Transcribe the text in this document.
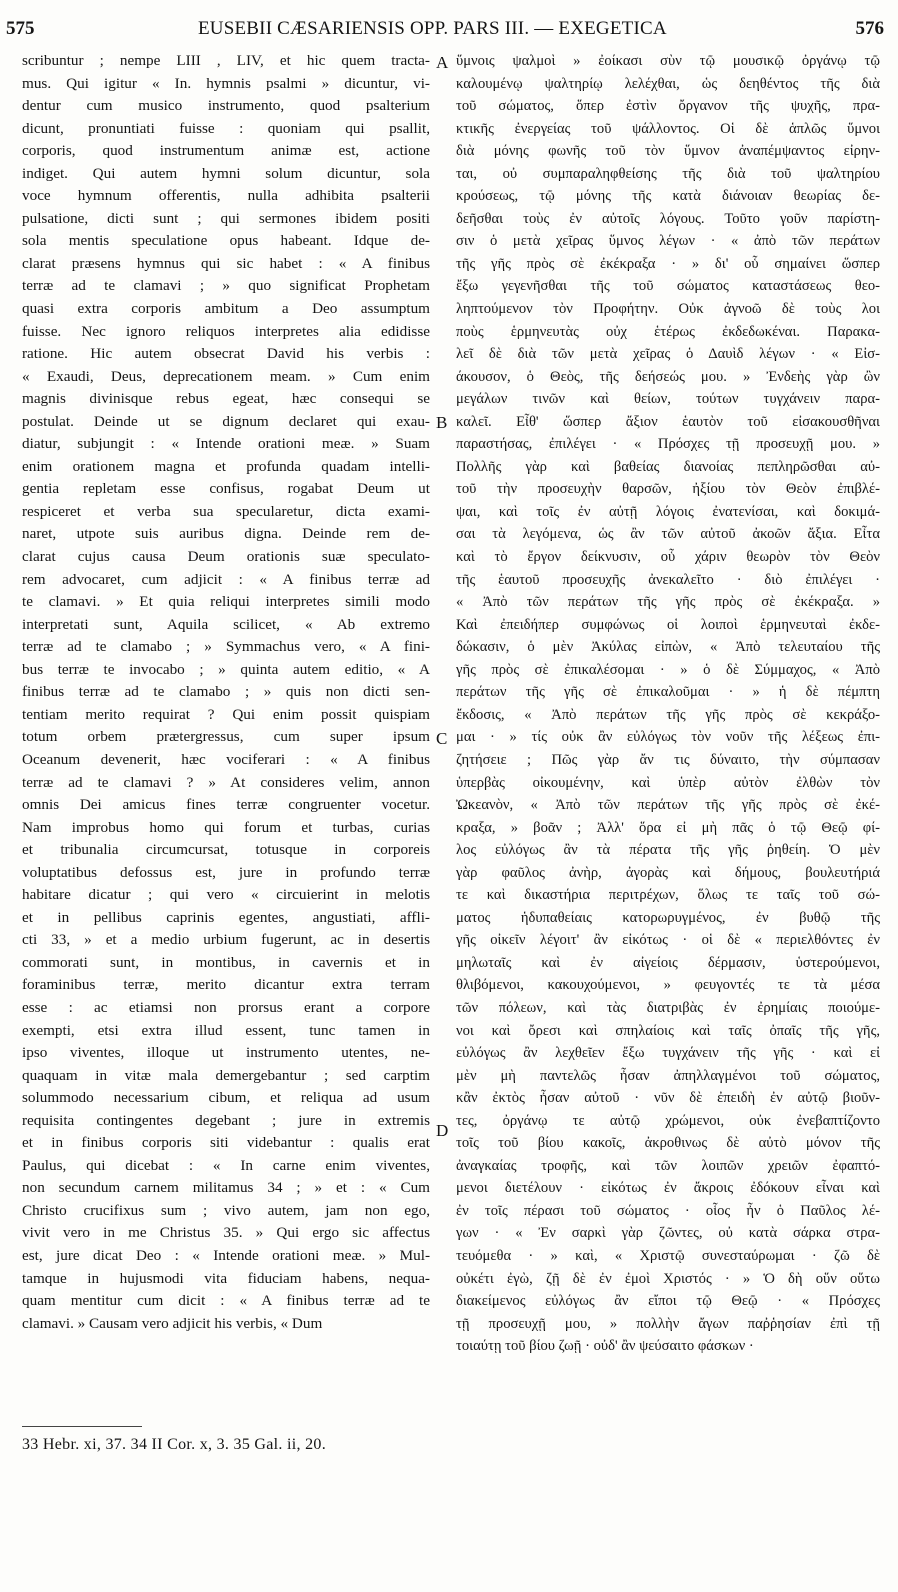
575	EUSEBII CÆSARIENSIS OPP. PARS III. — EXEGETICA	576
scribuntur ; nempe LIII , LIV, et hic quem tracta-
mus. Qui igitur « In. hymnis psalmi » dicuntur, vi-
dentur cum musico instrumento, quod psalterium
dicunt, pronuntiati fuisse : quoniam qui psallit,
corporis, quod instrumentum animæ est, actione
indiget. Qui autem hymni solum dicuntur, sola
voce hymnum offerentis, nulla adhibita psalterii
pulsatione, dicti sunt ; qui sermones ibidem positi
sola mentis speculatione opus habeant. Idque de-
clarat præsens hymnus qui sic habet : « A finibus
terræ ad te clamavi ; » quo significat Prophetam
quasi extra corporis ambitum a Deo assumptum
fuisse. Nec ignoro reliquos interpretes alia edidisse
ratione. Hic autem obsecrat David his verbis :
« Exaudi, Deus, deprecationem meam. » Cum enim
magnis divinisque rebus egeat, hæc consequi se
postulat. Deinde ut se dignum declaret qui exau-
diatur, subjungit : « Intende orationi meæ. » Suam
enim orationem magna et profunda quadam intelli-
gentia repletam esse confisus, rogabat Deum ut
respiceret et verba sua specularetur, dicta exami-
naret, utpote suis auribus digna. Deinde rem de-
clarat cujus causa Deum orationis suæ speculato-
rem advocaret, cum adjicit : « A finibus terræ ad
te clamavi. » Et quia reliqui interpretes simili modo
interpretati sunt, Aquila scilicet, « Ab extremo
terræ ad te clamabo ; » Symmachus vero, « A fini-
bus terræ te invocabo ; » quinta autem editio, « A
finibus terræ ad te clamabo ; » quis non dicti sen-
tentiam merito requirat ? Qui enim possit quispiam
totum orbem prætergressus, cum super ipsum
Oceanum devenerit, hæc vociferari : « A finibus
terræ ad te clamavi ? » At consideres velim, annon
omnis Dei amicus fines terræ congruenter vocetur.
Nam improbus homo qui forum et turbas, curias
et tribunalia circumcursat, totusque in corporeis
voluptatibus defossus est, jure in profundo terræ
habitare dicatur ; qui vero « circuierint in melotis
et in pellibus caprinis egentes, angustiati, affli-
cti 33, » et a medio urbium fugerunt, ac in desertis
commorati sunt, in montibus, in cavernis et in
foraminibus terræ, merito dicantur extra terram
esse : ac etiamsi non prorsus erant a corpore
exempti, etsi extra illud essent, tunc tamen in
ipso viventes, illoque ut instrumento utentes, ne-
quaquam in vitæ mala demergebantur ; sed carptim
solummodo necessarium cibum, et reliqua ad usum
requisita contingentes degebant ; jure in extremis
et in finibus corporis siti videbantur : qualis erat
Paulus, qui dicebat : « In carne enim viventes,
non secundum carnem militamus 34 ; » et : « Cum
Christo crucifixus sum ; vivo autem, jam non ego,
vivit vero in me Christus 35. » Qui ergo sic affectus
est, jure dicat Deo : « Intende orationi meæ. » Mul-
tamque in hujusmodi vita fiduciam habens, nequa-
quam mentitur cum dicit : « A finibus terræ ad te
clamavi. » Causam vero adjicit his verbis, « Dum
A
B
C
D
ὕμνοις ψαλμοὶ » ἐοίκασι σὺν τῷ μουσικῷ ὀργάνῳ τῷ
καλουμένῳ ψαλτηρίῳ λελέχθαι, ὡς δεηθέντος τῆς διὰ
τοῦ σώματος, ὅπερ ἐστὶν ὄργανον τῆς ψυχῆς, πρα-
κτικῆς ἐνεργείας τοῦ ψάλλοντος. Οἱ δὲ ἁπλῶς ὕμνοι
διὰ μόνης φωνῆς τοῦ τὸν ὕμνον ἀναπέμψαντος εἰρην-
ται, οὐ συμπαραληφθείσης τῆς διὰ τοῦ ψαλτηρίου
κρούσεως, τῷ μόνης τῆς κατὰ διάνοιαν θεωρίας δε-
δεῆσθαι τοὺς ἐν αὐτοῖς λόγους. Τοῦτο γοῦν παρίστη-
σιν ὁ μετὰ χεῖρας ὕμνος λέγων · « ἀπὸ τῶν περάτων
τῆς γῆς πρὸς σὲ ἐκέκραξα · » δι' οὗ σημαίνει ὥσπερ
ἔξω γεγενῆσθαι τῆς τοῦ σώματος καταστάσεως θεο-
ληπτούμενον τὸν Προφήτην. Οὐκ ἀγνοῶ δὲ τοὺς λοι
ποὺς ἑρμηνευτὰς οὐχ ἑτέρως ἐκδεδωκέναι. Παρακα-
λεῖ δὲ διὰ τῶν μετὰ χεῖρας ὁ Δαυὶδ λέγων · « Εἰσ-
άκουσον, ὁ Θεὸς, τῆς δεήσεώς μου. » Ἐνδεὴς γὰρ ὢν
μεγάλων τινῶν καὶ θείων, τούτων τυγχάνειν παρα-
καλεῖ. Εἶθ' ὥσπερ ἄξιον ἑαυτὸν τοῦ εἰσακουσθῆναι
παραστήσας, ἐπιλέγει · « Πρόσχες τῇ προσευχῇ μου. »
Πολλῆς γὰρ καὶ βαθείας διανοίας πεπληρῶσθαι αὐ-
τοῦ τὴν προσευχὴν θαρσῶν, ἠξίου τὸν Θεὸν ἐπιβλέ-
ψαι, καὶ τοῖς ἐν αὐτῇ λόγοις ἐνατενίσαι, καὶ δοκιμά-
σαι τὰ λεγόμενα, ὡς ἂν τῶν αὐτοῦ ἀκοῶν ἄξια. Εἶτα
καὶ τὸ ἔργον δείκνυσιν, οὗ χάριν θεωρὸν τὸν Θεὸν
τῆς ἑαυτοῦ προσευχῆς ἀνεκαλεῖτο · διὸ ἐπιλέγει ·
« Ἀπὸ τῶν περάτων τῆς γῆς πρὸς σὲ ἐκέκραξα. »
Καὶ ἐπειδήπερ συμφώνως οἱ λοιποὶ ἑρμηνευταὶ ἐκδε-
δώκασιν, ὁ μὲν Ἀκύλας εἰπὼν, « Ἀπὸ τελευταίου τῆς
γῆς πρὸς σὲ ἐπικαλέσομαι · » ὁ δὲ Σύμμαχος, « Ἀπὸ
περάτων τῆς γῆς σὲ ἐπικαλοῦμαι · » ἡ δὲ πέμπτη
ἔκδοσις, « Ἀπὸ περάτων τῆς γῆς πρὸς σὲ κεκράξο-
μαι · » τίς οὐκ ἂν εὐλόγως τὸν νοῦν τῆς λέξεως ἐπι-
ζητήσειε ; Πῶς γὰρ ἄν τις δύναιτο, τὴν σύμπασαν
ὑπερβὰς οἰκουμένην, καὶ ὑπὲρ αὐτὸν ἐλθὼν τὸν
Ὠκεανὸν, « Ἀπὸ τῶν περάτων τῆς γῆς πρὸς σὲ ἐκέ-
κραξα, » βοᾶν ; Ἀλλ' ὅρα εἰ μὴ πᾶς ὁ τῷ Θεῷ φί-
λος εὐλόγως ἂν τὰ πέρατα τῆς γῆς ῥηθείη. Ὁ μὲν
γὰρ φαῦλος ἀνὴρ, ἀγορὰς καὶ δήμους, βουλευτήριά
τε καὶ δικαστήρια περιτρέχων, ὅλως τε ταῖς τοῦ σώ-
ματος ἡδυπαθείαις κατορωρυγμένος, ἐν βυθῷ τῆς
γῆς οἰκεῖν λέγοιτ' ἂν εἰκότως · οἱ δὲ « περιελθόντες ἐν
μηλωταῖς καὶ ἐν αἰγείοις δέρμασιν, ὑστερούμενοι,
θλιβόμενοι, κακουχούμενοι, » φευγοντές τε τὰ μέσα
τῶν πόλεων, καὶ τὰς διατριβὰς ἐν ἐρημίαις ποιούμε-
νοι καὶ ὄρεσι καὶ σπηλαίοις καὶ ταῖς ὀπαῖς τῆς γῆς,
εὐλόγως ἂν λεχθεῖεν ἔξω τυγχάνειν τῆς γῆς · καὶ εἰ
μὲν μὴ παντελῶς ἦσαν ἀπηλλαγμένοι τοῦ σώματος,
κἂν ἐκτὸς ἦσαν αὐτοῦ · νῦν δὲ ἐπειδὴ ἐν αὐτῷ βιοῦν-
τες, ὀργάνῳ τε αὐτῷ χρώμενοι, οὐκ ἐνεβαπτίζοντο
τοῖς τοῦ βίου κακοῖς, ἀκροθινως δὲ αὐτὸ μόνον τῆς
ἀναγκαίας τροφῆς, καὶ τῶν λοιπῶν χρειῶν ἐφαπτό-
μενοι διετέλουν · εἰκότως ἐν ἄκροις ἐδόκουν εἶναι καὶ
ἐν τοῖς πέρασι τοῦ σώματος · οἷος ἦν ὁ Παῦλος λέ-
γων · « Ἐν σαρκὶ γὰρ ζῶντες, οὐ κατὰ σάρκα στρα-
τευόμεθα · » καὶ, « Χριστῷ συνεσταύρωμαι · ζῶ δὲ
οὐκέτι ἐγὼ, ζῇ δὲ ἐν ἐμοὶ Χριστός · » Ὁ δὴ οὕν οὕτω
διακείμενος εὐλόγως ἂν εἴποι τῷ Θεῷ · « Πρόσχες
τῇ προσευχῇ μου, » πολλὴν ἄγων παῤῥησίαν ἐπὶ τῇ
τοιαύτῃ τοῦ βίου ζωῇ · οὐδ' ἂν ψεύσαιτο φάσκων ·
33 Hebr. xi, 37. 34 II Cor. x, 3. 35 Gal. ii, 20.
